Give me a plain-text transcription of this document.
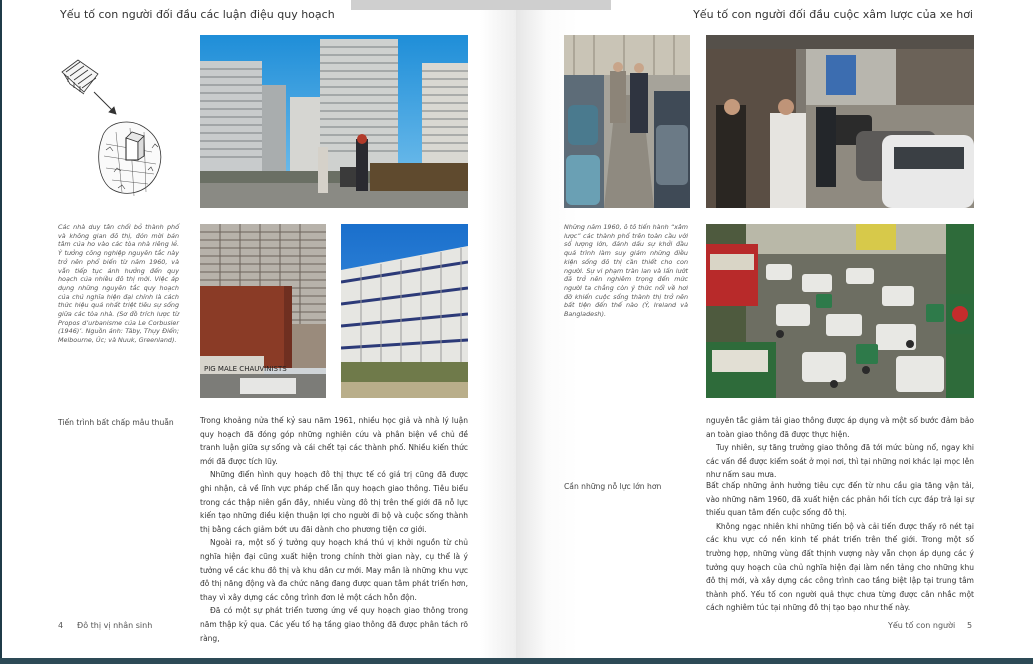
Yếu tố con người đối đầu các luận điệu quy hoạch
PIG MALE CHAUVINISTS
Các nhà duy tân chối bỏ thành phố và không gian đô thị, đón mời bản tâm của ho vào các tòa nhà riêng lẻ. Ý tưởng công nghiệp nguyên tắc này trở nên phổ biến từ năm 1960, và vẫn tiếp tục ảnh hưởng đến quy hoạch của nhiều đô thị mới. Việc áp dụng những nguyên tắc quy hoạch của chủ nghĩa hiện đại chính là cách thức hiệu quả nhất triệt tiêu sự sống giữa các tòa nhà. (Sơ đồ trích lược từ Propos d’urbanisme của Le Corbusier (1946)’. Nguồn ảnh: Täby, Thụy Điển; Melbourne, Úc; và Nuuk, Greenland).
Tiến trình bất chấp mâu thuẫn	Trong khoảng nửa thế kỷ sau năm 1961, nhiều học giả và nhà lý luận quy hoạch đã đóng góp những nghiên cứu và phân biện về chủ đề tranh luận giữa sự sống và cái chết tại các thành phố. Nhiều kiến thức mới đã được tích lũy.

Những điển hình quy hoạch đô thị thực tế có giá trị cũng đã được ghi nhận, cả về lĩnh vực pháp chế lẫn quy hoạch giao thông. Tiêu biểu trong các thập niên gần đây, nhiều vùng đô thị trên thế giới đã nỗ lực kiến tạo những điều kiện thuận lợi cho người đi bộ và cuộc sống thành thị bằng cách giảm bớt ưu đãi dành cho phương tiện cơ giới.

Ngoài ra, một số ý tưởng quy hoạch khá thú vị khởi nguồn từ chủ nghĩa hiện đại cũng xuất hiện trong chính thời gian này, cụ thể là ý tưởng về các khu đô thị và khu dân cư mới. May mắn là những khu vực đô thị năng động và đa chức năng đang được quan tâm phát triển hơn, thay vì xây dựng các công trình đơn lẻ một cách hỗn độn.

Đã có một sự phát triển tương ứng về quy hoạch giao thông trong năm thập kỷ qua. Các yếu tố hạ tầng giao thông đã được phân tách rõ ràng,

4 Đô thị vị nhân sinh
Yếu tố con người đối đầu cuộc xâm lược của xe hơi
Những năm 1960, ô tô tiến hành “xâm lược” các thành phố trên toàn cầu với số lượng lớn, đánh dấu sự khởi đầu quá trình làm suy giảm những điều kiện sống đô thị cần thiết cho con người. Sự vi phạm tràn lan và lấn lướt đã trở nên nghiêm trọng đến mức người ta chẳng còn ý thức nổi về hơi đỡ khiến cuộc sống thành thị trở nên bất tiện đến thế nào (Ý, Ireland và Bangladesh).

nguyên tắc giảm tải giao thông được áp dụng và một số bước đảm bảo an toàn giao thông đã được thực hiện.

Tuy nhiên, sự tăng trưởng giao thông đã tới mức bùng nổ, ngay khi các vấn đề được kiểm soát ở mọi nơi, thì tại những nơi khác lại mọc lên như nấm sau mưa.

Cần những nỗ lực lớn hơn	Bất chấp những ảnh hưởng tiêu cực đến từ nhu cầu gia tăng vận tải, vào những năm 1960, đã xuất hiện các phản hồi tích cực đáp trả lại sự thiếu quan tâm đến cuộc sống đô thị.

Không ngạc nhiên khi những tiến bộ và cải tiến được thấy rõ nét tại các khu vực có nền kinh tế phát triển trên thế giới. Trong một số trường hợp, những vùng đất thịnh vượng này vẫn chọn áp dụng các ý tưởng quy hoạch của chủ nghĩa hiện đại làm nền tảng cho những khu đô thị mới, và xây dựng các công trình cao tầng biệt lập tại trung tâm thành phố. Yếu tố con người quả thực chưa từng được cân nhắc một cách nghiêm túc tại những đô thị tạo bạo như thế này.

Yếu tố con người 5
